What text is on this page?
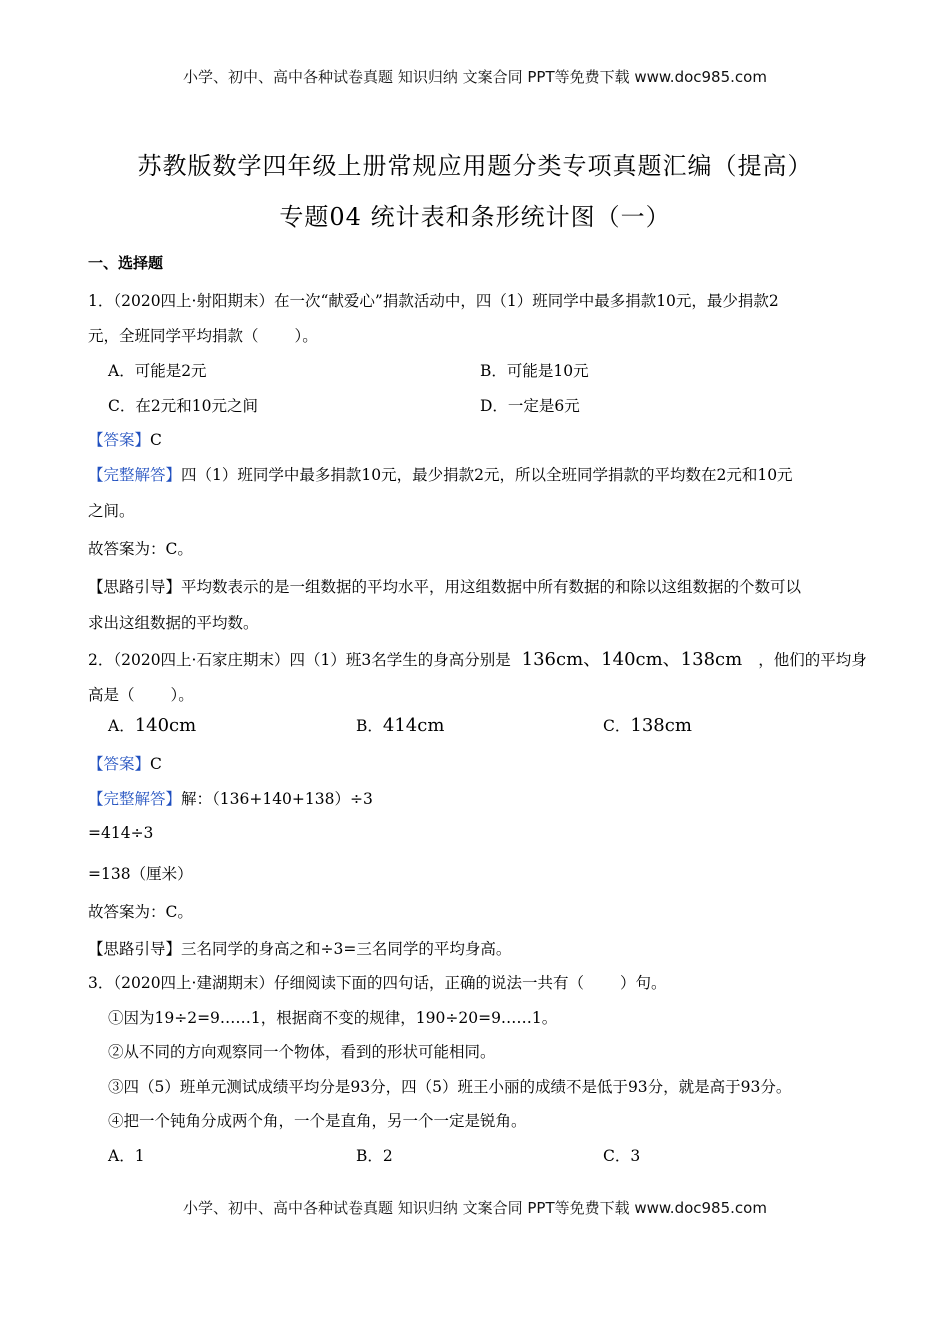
小学、初中、高中各种试卷真题 知识归纳 文案合同 PPT等免费下载 www.doc985.com
苏教版数学四年级上册常规应用题分类专项真题汇编（提高）
专题04 统计表和条形统计图（一）
一、选择题
1．（2020四上·射阳期末）在一次“献爱心”捐款活动中，四（1）班同学中最多捐款10元，最少捐款2
元，全班同学平均捐款（ ）。
A．可能是2元	B．可能是10元
C．在2元和10元之间	D．一定是6元
【答案】C
【完整解答】四（1）班同学中最多捐款10元，最少捐款2元，所以全班同学捐款的平均数在2元和10元
之间。
故答案为：C。
【思路引导】平均数表示的是一组数据的平均水平，用这组数据中所有数据的和除以这组数据的个数可以
求出这组数据的平均数。
2．（2020四上·石家庄期末）四（1）班3名学生的身高分别是 136cm、140cm、138cm ，他们的平均身
高是（ ）。
A．140cm	B．414cm	C．138cm
【答案】C
【完整解答】解：（136+140+138）÷3
=414÷3
=138（厘米）
故答案为：C。
【思路引导】三名同学的身高之和÷3=三名同学的平均身高。
3．（2020四上·建湖期末）仔细阅读下面的四句话，正确的说法一共有（ ）句。
①因为19÷2=9……1，根据商不变的规律，190÷20=9……1。
②从不同的方向观察同一个物体，看到的形状可能相同。
③四（5）班单元测试成绩平均分是93分，四（5）班王小丽的成绩不是低于93分，就是高于93分。
④把一个钝角分成两个角，一个是直角，另一个一定是锐角。
A．1	B．2	C．3
小学、初中、高中各种试卷真题 知识归纳 文案合同 PPT等免费下载 www.doc985.com
